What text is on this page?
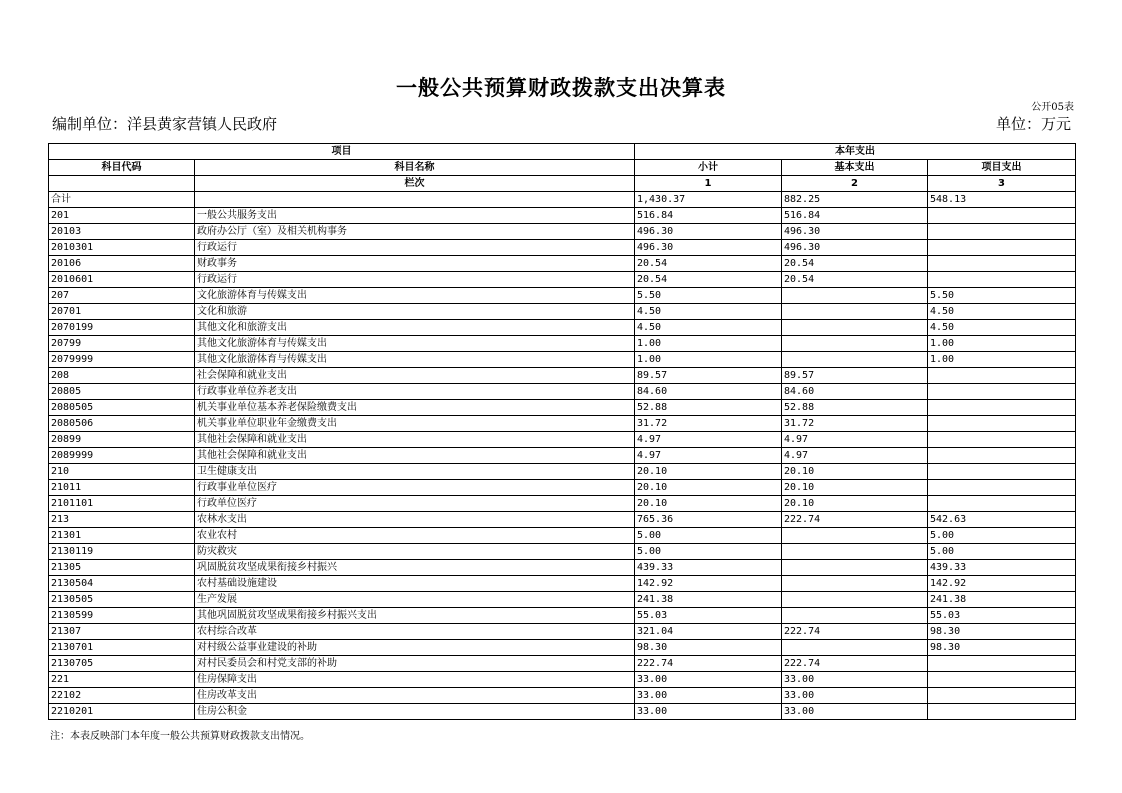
一般公共预算财政拨款支出决算表
公开05表
编制单位：洋县黄家营镇人民政府	单位：万元
项目		本年支出		
科目代码	科目名称	小计	基本支出	项目支出
	栏次	1	2	3
合计		1,430.37	882.25	548.13
201	一般公共服务支出	516.84	516.84	
20103	政府办公厅（室）及相关机构事务	496.30	496.30	
2010301	行政运行	496.30	496.30	
20106	财政事务	20.54	20.54	
2010601	行政运行	20.54	20.54	
207	文化旅游体育与传媒支出	5.50		5.50
20701	文化和旅游	4.50		4.50
2070199	其他文化和旅游支出	4.50		4.50
20799	其他文化旅游体育与传媒支出	1.00		1.00
2079999	其他文化旅游体育与传媒支出	1.00		1.00
208	社会保障和就业支出	89.57	89.57	
20805	行政事业单位养老支出	84.60	84.60	
2080505	机关事业单位基本养老保险缴费支出	52.88	52.88	
2080506	机关事业单位职业年金缴费支出	31.72	31.72	
20899	其他社会保障和就业支出	4.97	4.97	
2089999	其他社会保障和就业支出	4.97	4.97	
210	卫生健康支出	20.10	20.10	
21011	行政事业单位医疗	20.10	20.10	
2101101	行政单位医疗	20.10	20.10	
213	农林水支出	765.36	222.74	542.63
21301	农业农村	5.00		5.00
2130119	防灾救灾	5.00		5.00
21305	巩固脱贫攻坚成果衔接乡村振兴	439.33		439.33
2130504	农村基础设施建设	142.92		142.92
2130505	生产发展	241.38		241.38
2130599	其他巩固脱贫攻坚成果衔接乡村振兴支出	55.03		55.03
21307	农村综合改革	321.04	222.74	98.30
2130701	对村级公益事业建设的补助	98.30		98.30
2130705	对村民委员会和村党支部的补助	222.74	222.74	
221	住房保障支出	33.00	33.00	
22102	住房改革支出	33.00	33.00	
2210201	住房公积金	33.00	33.00	
注：本表反映部门本年度一般公共预算财政拨款支出情况。
